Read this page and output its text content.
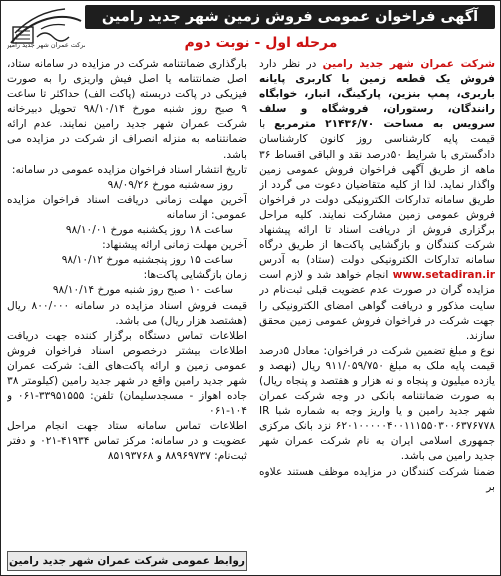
شرکت عمران شهر جدید رامین
آگهی فراخوان عمومی فروش زمین شهر جدید رامین
مرحله اول - نوبت دوم

شرکت عمران شهر جدید رامین در نظر دارد فروش یک قطعه زمین با کاربری پایانه باربری، پمپ بنزین، پارکینگ، انبار، خوابگاه رانندگان، رستوران، فروشگاه و سلف سرویس به مساحت ۲۱۴۳۶/۷۰ مترمربع با قیمت پایه کارشناسی روز کانون کارشناسان دادگستری با شرایط ۵۰درصد نقد و الباقی اقساط ۳۶ ماهه از طریق آگهی فراخوان فروش عمومی زمین واگذار نماید. لذا از کلیه متقاضیان دعوت می گردد از طریق سامانه تدارکات الکترونیکی دولت در فراخوان فروش عمومی زمین مشارکت نمایند. کلیه مراحل برگزاری فروش از دریافت اسناد تا ارائه پیشنهاد شرکت کنندگان و بازگشایی پاکت‌ها از طریق درگاه سامانه تدارکات الکترونیکی دولت (ستاد) به آدرس www.setadiran.ir انجام خواهد شد و لازم است مزایده گران در صورت عدم عضویت قبلی ثبت‌نام در سایت مذکور و دریافت گواهی امضای الکترونیکی را جهت شرکت در فراخوان فروش عمومی زمین محقق سازند.

نوع و مبلغ تضمین شرکت در فراخوان: معادل ۵درصد قیمت پایه ملک به مبلغ ۹۱۱/۰۵۹/۷۵۰ ریال (نهصد و یازده میلیون و پنجاه و نه هزار و هفتصد و پنجاه ریال) به صورت ضمانتنامه بانکی در وجه شرکت عمران شهر جدید رامین و یا واریز وجه به شماره شبا IR ۶۲۰۱۰۰۰۰۰۴۰۰۱۱۱۵۵۰۳۰۰۶۳۷۶۷۷۸ نزد بانک مرکزی جمهوری اسلامی ایران به نام شرکت عمران شهر جدید رامین می باشد.

ضمنا شرکت کنندگان در مزایده موظف هستند علاوه بر

بارگذاری ضمانتنامه شرکت در مزایده در سامانه ستاد، اصل ضمانتنامه یا اصل فیش واریزی را به صورت فیزیکی در پاکت دربسته (پاکت الف) حداکثر تا ساعت ۹ صبح روز شنبه مورخ ۹۸/۱۰/۱۴ تحویل دبیرخانه شرکت عمران شهر جدید رامین نمایند. عدم ارائه ضمانتنامه به منزله انصراف از شرکت در مزایده می باشد.

تاریخ انتشار اسناد فراخوان مزایده عمومی در سامانه:
روز سه‌شنبه مورخ ۹۸/۰۹/۲۶
آخرین مهلت زمانی دریافت اسناد فراخوان مزایده عمومی: از سامانه
ساعت ۱۸ روز یکشنبه مورخ ۹۸/۱۰/۰۱
آخرین مهلت زمانی ارائه پیشنهاد:
ساعت ۱۵ روز پنجشنبه مورخ ۹۸/۱۰/۱۲
زمان بازگشایی پاکت‌ها:
ساعت ۱۰ صبح روز شنبه مورخ ۹۸/۱۰/۱۴

قیمت فروش اسناد مزایده در سامانه ۸۰۰/۰۰۰ ریال (هشتصد هزار ریال) می باشد.

اطلاعات تماس دستگاه برگزار کننده جهت دریافت اطلاعات بیشتر درخصوص اسناد فراخوان فروش عمومی زمین و ارائه پاکت‌های الف: شرکت عمران شهر جدید رامین واقع در شهر جدید رامین (کیلومتر ۳۸ جاده اهواز - مسجدسلیمان) تلفن: ۳۳۹۵۱۵۵۵-۰۶۱ و ۱۰۴-۰۶۱

اطلاعات تماس سامانه ستاد جهت انجام مراحل عضویت و در سامانه: مرکز تماس ۴۱۹۳۴-۰۲۱ و دفتر ثبت‌نام: ۸۸۹۶۹۷۳۷ و ۸۵۱۹۳۷۶۸

روابط عمومی شرکت عمران شهر جدید رامین
